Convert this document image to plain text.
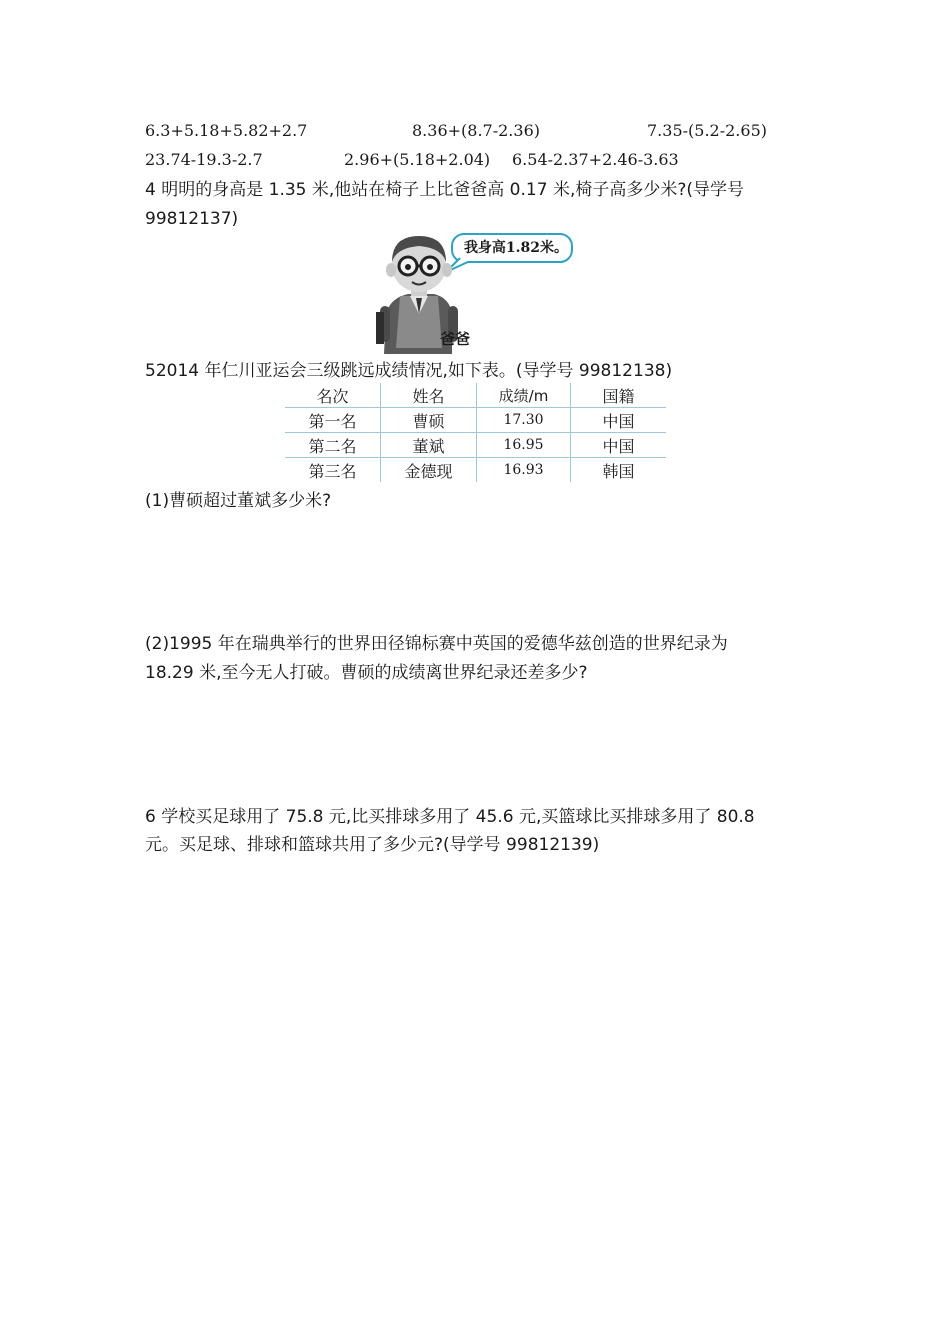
6.3+5.18+5.82+2.7	8.36+(8.7-2.36)	7.35-(5.2-2.65)
23.74-19.3-2.7	2.96+(5.18+2.04) 6.54-2.37+2.46-3.63
4 明明的身高是 1.35 米,他站在椅子上比爸爸高 0.17 米,椅子高多少米?(导学号
99812137)
我身高1.82米。
爸爸
52014 年仁川亚运会三级跳远成绩情况,如下表。(导学号 99812138)
名次	姓名	成绩/m	国籍
第一名	曹硕	17.30	中国
第二名	董斌	16.95	中国
第三名	金德现	16.93	韩国
(1)曹硕超过董斌多少米?
(2)1995 年在瑞典举行的世界田径锦标赛中英国的爱德华兹创造的世界纪录为
18.29 米,至今无人打破。曹硕的成绩离世界纪录还差多少?
6 学校买足球用了 75.8 元,比买排球多用了 45.6 元,买篮球比买排球多用了 80.8
元。买足球、排球和篮球共用了多少元?(导学号 99812139)
